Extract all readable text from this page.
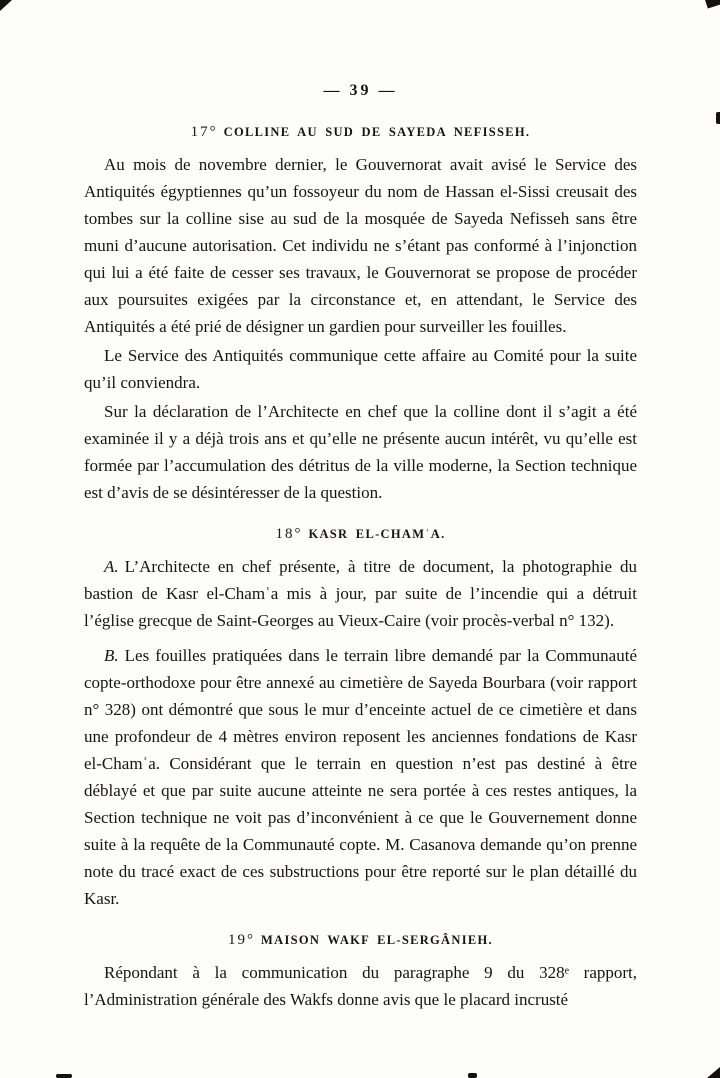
— 39 —
17° COLLINE AU SUD DE SAYEDA NEFISSEH.

Au mois de novembre dernier, le Gouvernorat avait avisé le Service des Antiquités égyptiennes qu’un fossoyeur du nom de Hassan el-Sissi creusait des tombes sur la colline sise au sud de la mosquée de Sayeda Nefisseh sans être muni d’aucune autorisation. Cet individu ne s’étant pas conformé à l’injonction qui lui a été faite de cesser ses travaux, le Gouvernorat se propose de procéder aux poursuites exigées par la circonstance et, en attendant, le Service des Antiquités a été prié de désigner un gardien pour surveiller les fouilles.

Le Service des Antiquités communique cette affaire au Comité pour la suite qu’il conviendra.

Sur la déclaration de l’Architecte en chef que la colline dont il s’agit a été examinée il y a déjà trois ans et qu’elle ne présente aucun intérêt, vu qu’elle est formée par l’accumulation des détritus de la ville moderne, la Section technique est d’avis de se désintéresser de la question.

18° KASR EL-CHAMʿA.

A. L’Architecte en chef présente, à titre de document, la photographie du bastion de Kasr el-Chamʿa mis à jour, par suite de l’incendie qui a détruit l’église grecque de Saint-Georges au Vieux-Caire (voir procès-verbal n° 132).

B. Les fouilles pratiquées dans le terrain libre demandé par la Communauté copte-orthodoxe pour être annexé au cimetière de Sayeda Bourbara (voir rapport n° 328) ont démontré que sous le mur d’enceinte actuel de ce cimetière et dans une profondeur de 4 mètres environ reposent les anciennes fondations de Kasr el-Chamʿa. Considérant que le terrain en question n’est pas destiné à être déblayé et que par suite aucune atteinte ne sera portée à ces restes antiques, la Section technique ne voit pas d’inconvénient à ce que le Gouvernement donne suite à la requête de la Communauté copte. M. Casanova demande qu’on prenne note du tracé exact de ces substructions pour être reporté sur le plan détaillé du Kasr.

19° MAISON WAKF EL-SERGÂNIEH.

Répondant à la communication du paragraphe 9 du 328ᵉ rapport, l’Administration générale des Wakfs donne avis que le placard incrusté
